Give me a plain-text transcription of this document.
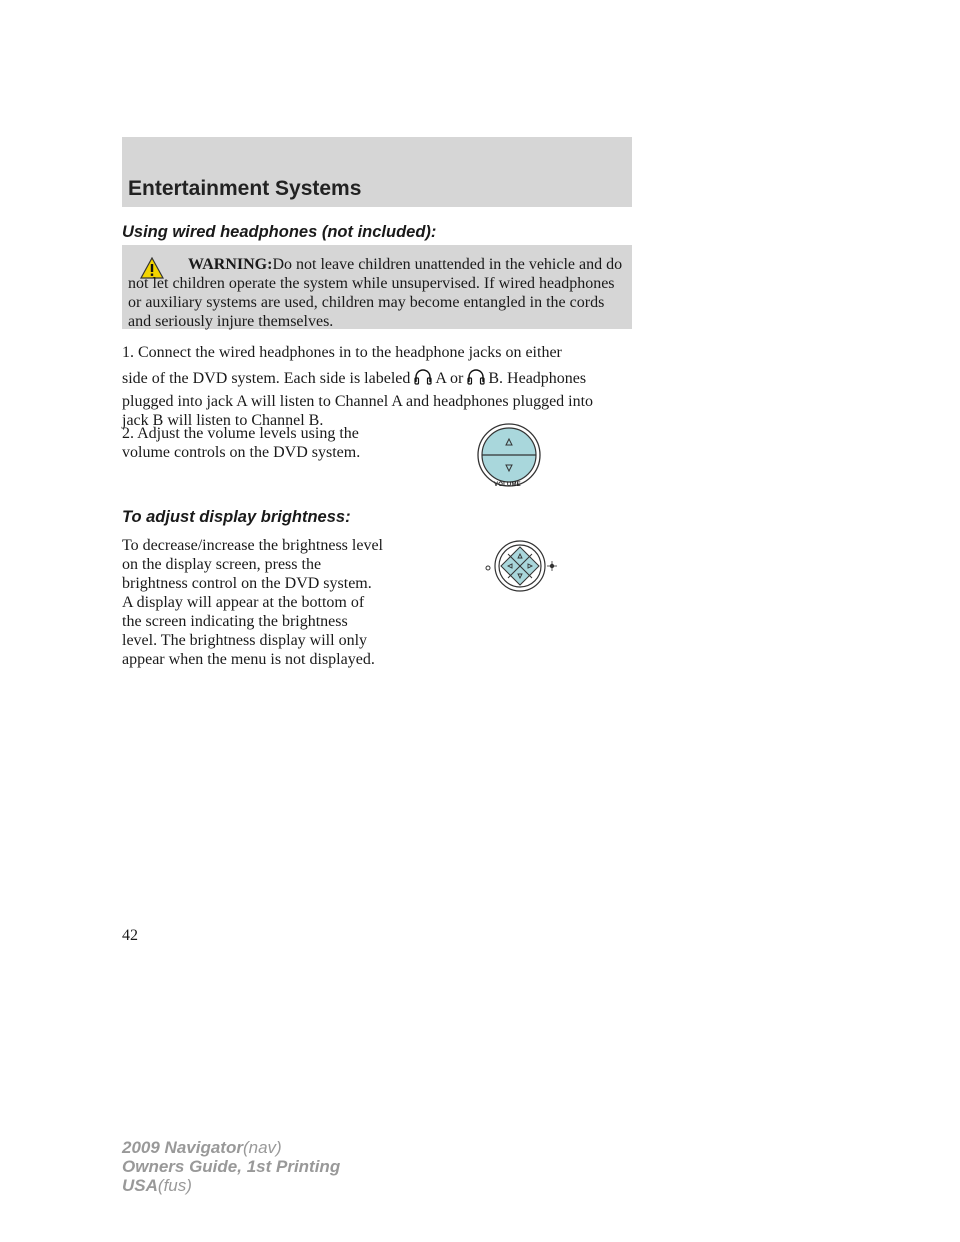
Entertainment Systems
Using wired headphones (not included):

WARNING:Do not leave children unattended in the vehicle and do not let children operate the system while unsupervised. If wired headphones or auxiliary systems are used, children may become entangled in the cords and seriously injure themselves.

1. Connect the wired headphones in to the headphone jacks on either
side of the DVD system. Each side is labeled A or B. Headphones
plugged into jack A will listen to Channel A and headphones plugged into
jack B will listen to Channel B.

2. Adjust the volume levels using the volume controls on the DVD system.

VOLUME
To adjust display brightness:

To decrease/increase the brightness level on the display screen, press the brightness control on the DVD system. A display will appear at the bottom of the screen indicating the brightness level. The brightness display will only appear when the menu is not displayed.

42
2009 Navigator(nav)
Owners Guide, 1st Printing
USA(fus)
